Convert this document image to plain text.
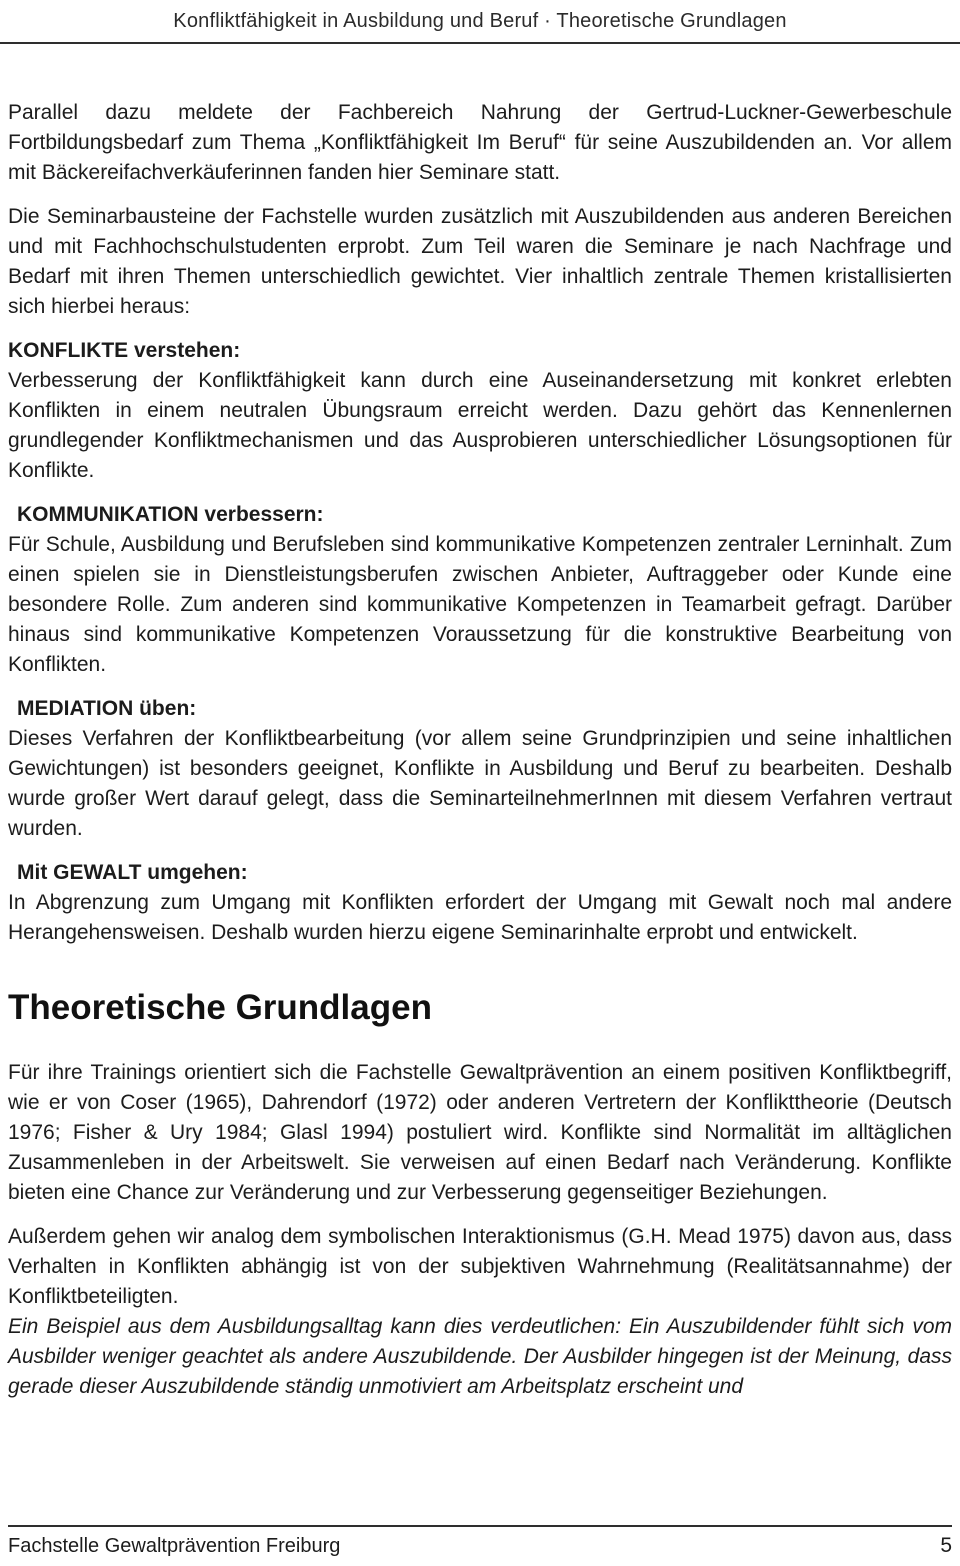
Konfliktfähigkeit in Ausbildung und Beruf · Theoretische Grundlagen

Parallel dazu meldete der Fachbereich Nahrung der Gertrud-Luckner-Gewerbeschule Fortbildungsbedarf zum Thema „Konfliktfähigkeit Im Beruf“ für seine Auszubildenden an. Vor allem mit Bäckereifachverkäuferinnen fanden hier Seminare statt.

Die Seminarbausteine der Fachstelle wurden zusätzlich mit Auszubildenden aus anderen Bereichen und mit Fachhochschulstudenten erprobt. Zum Teil waren die Seminare je nach Nachfrage und Bedarf mit ihren Themen unterschiedlich gewichtet. Vier inhaltlich zentrale Themen kristallisierten sich hierbei heraus:

KONFLIKTE verstehen:

Verbesserung der Konfliktfähigkeit kann durch eine Auseinandersetzung mit konkret erlebten Konflikten in einem neutralen Übungsraum erreicht werden. Dazu gehört das Kennenlernen grundlegender Konfliktmechanismen und das Ausprobieren unterschiedlicher Lösungsoptionen für Konflikte.

KOMMUNIKATION verbessern:

Für Schule, Ausbildung und Berufsleben sind kommunikative Kompetenzen zentraler Lerninhalt. Zum einen spielen sie in Dienstleistungsberufen zwischen Anbieter, Auftraggeber oder Kunde eine besondere Rolle. Zum anderen sind kommunikative Kompetenzen in Teamarbeit gefragt. Darüber hinaus sind kommunikative Kompetenzen Voraussetzung für die konstruktive Bearbeitung von Konflikten.

MEDIATION üben:

Dieses Verfahren der Konfliktbearbeitung (vor allem seine Grundprinzipien und seine inhaltlichen Gewichtungen) ist besonders geeignet, Konflikte in Ausbildung und Beruf zu bearbeiten. Deshalb wurde großer Wert darauf gelegt, dass die SeminarteilnehmerInnen mit diesem Verfahren vertraut wurden.

Mit GEWALT umgehen:

In Abgrenzung zum Umgang mit Konflikten erfordert der Umgang mit Gewalt noch mal andere Herangehensweisen. Deshalb wurden hierzu eigene Seminarinhalte erprobt und entwickelt.

Theoretische Grundlagen

Für ihre Trainings orientiert sich die Fachstelle Gewaltprävention an einem positiven Konfliktbegriff, wie er von Coser (1965), Dahrendorf (1972) oder anderen Vertretern der Konflikttheorie (Deutsch 1976; Fisher & Ury 1984; Glasl 1994) postuliert wird. Konflikte sind Normalität im alltäglichen Zusammenleben in der Arbeitswelt. Sie verweisen auf einen Bedarf nach Veränderung. Konflikte bieten eine Chance zur Veränderung und zur Verbesserung gegenseitiger Beziehungen.

Außerdem gehen wir analog dem symbolischen Interaktionismus (G.H. Mead 1975) davon aus, dass Verhalten in Konflikten abhängig ist von der subjektiven Wahrnehmung (Realitätsannahme) der Konfliktbeteiligten.

Ein Beispiel aus dem Ausbildungsalltag kann dies verdeutlichen: Ein Auszubildender fühlt sich vom Ausbilder weniger geachtet als andere Auszubildende. Der Ausbilder hingegen ist der Meinung, dass gerade dieser Auszubildende ständig unmotiviert am Arbeitsplatz erscheint und

Fachstelle Gewaltprävention Freiburg	5
